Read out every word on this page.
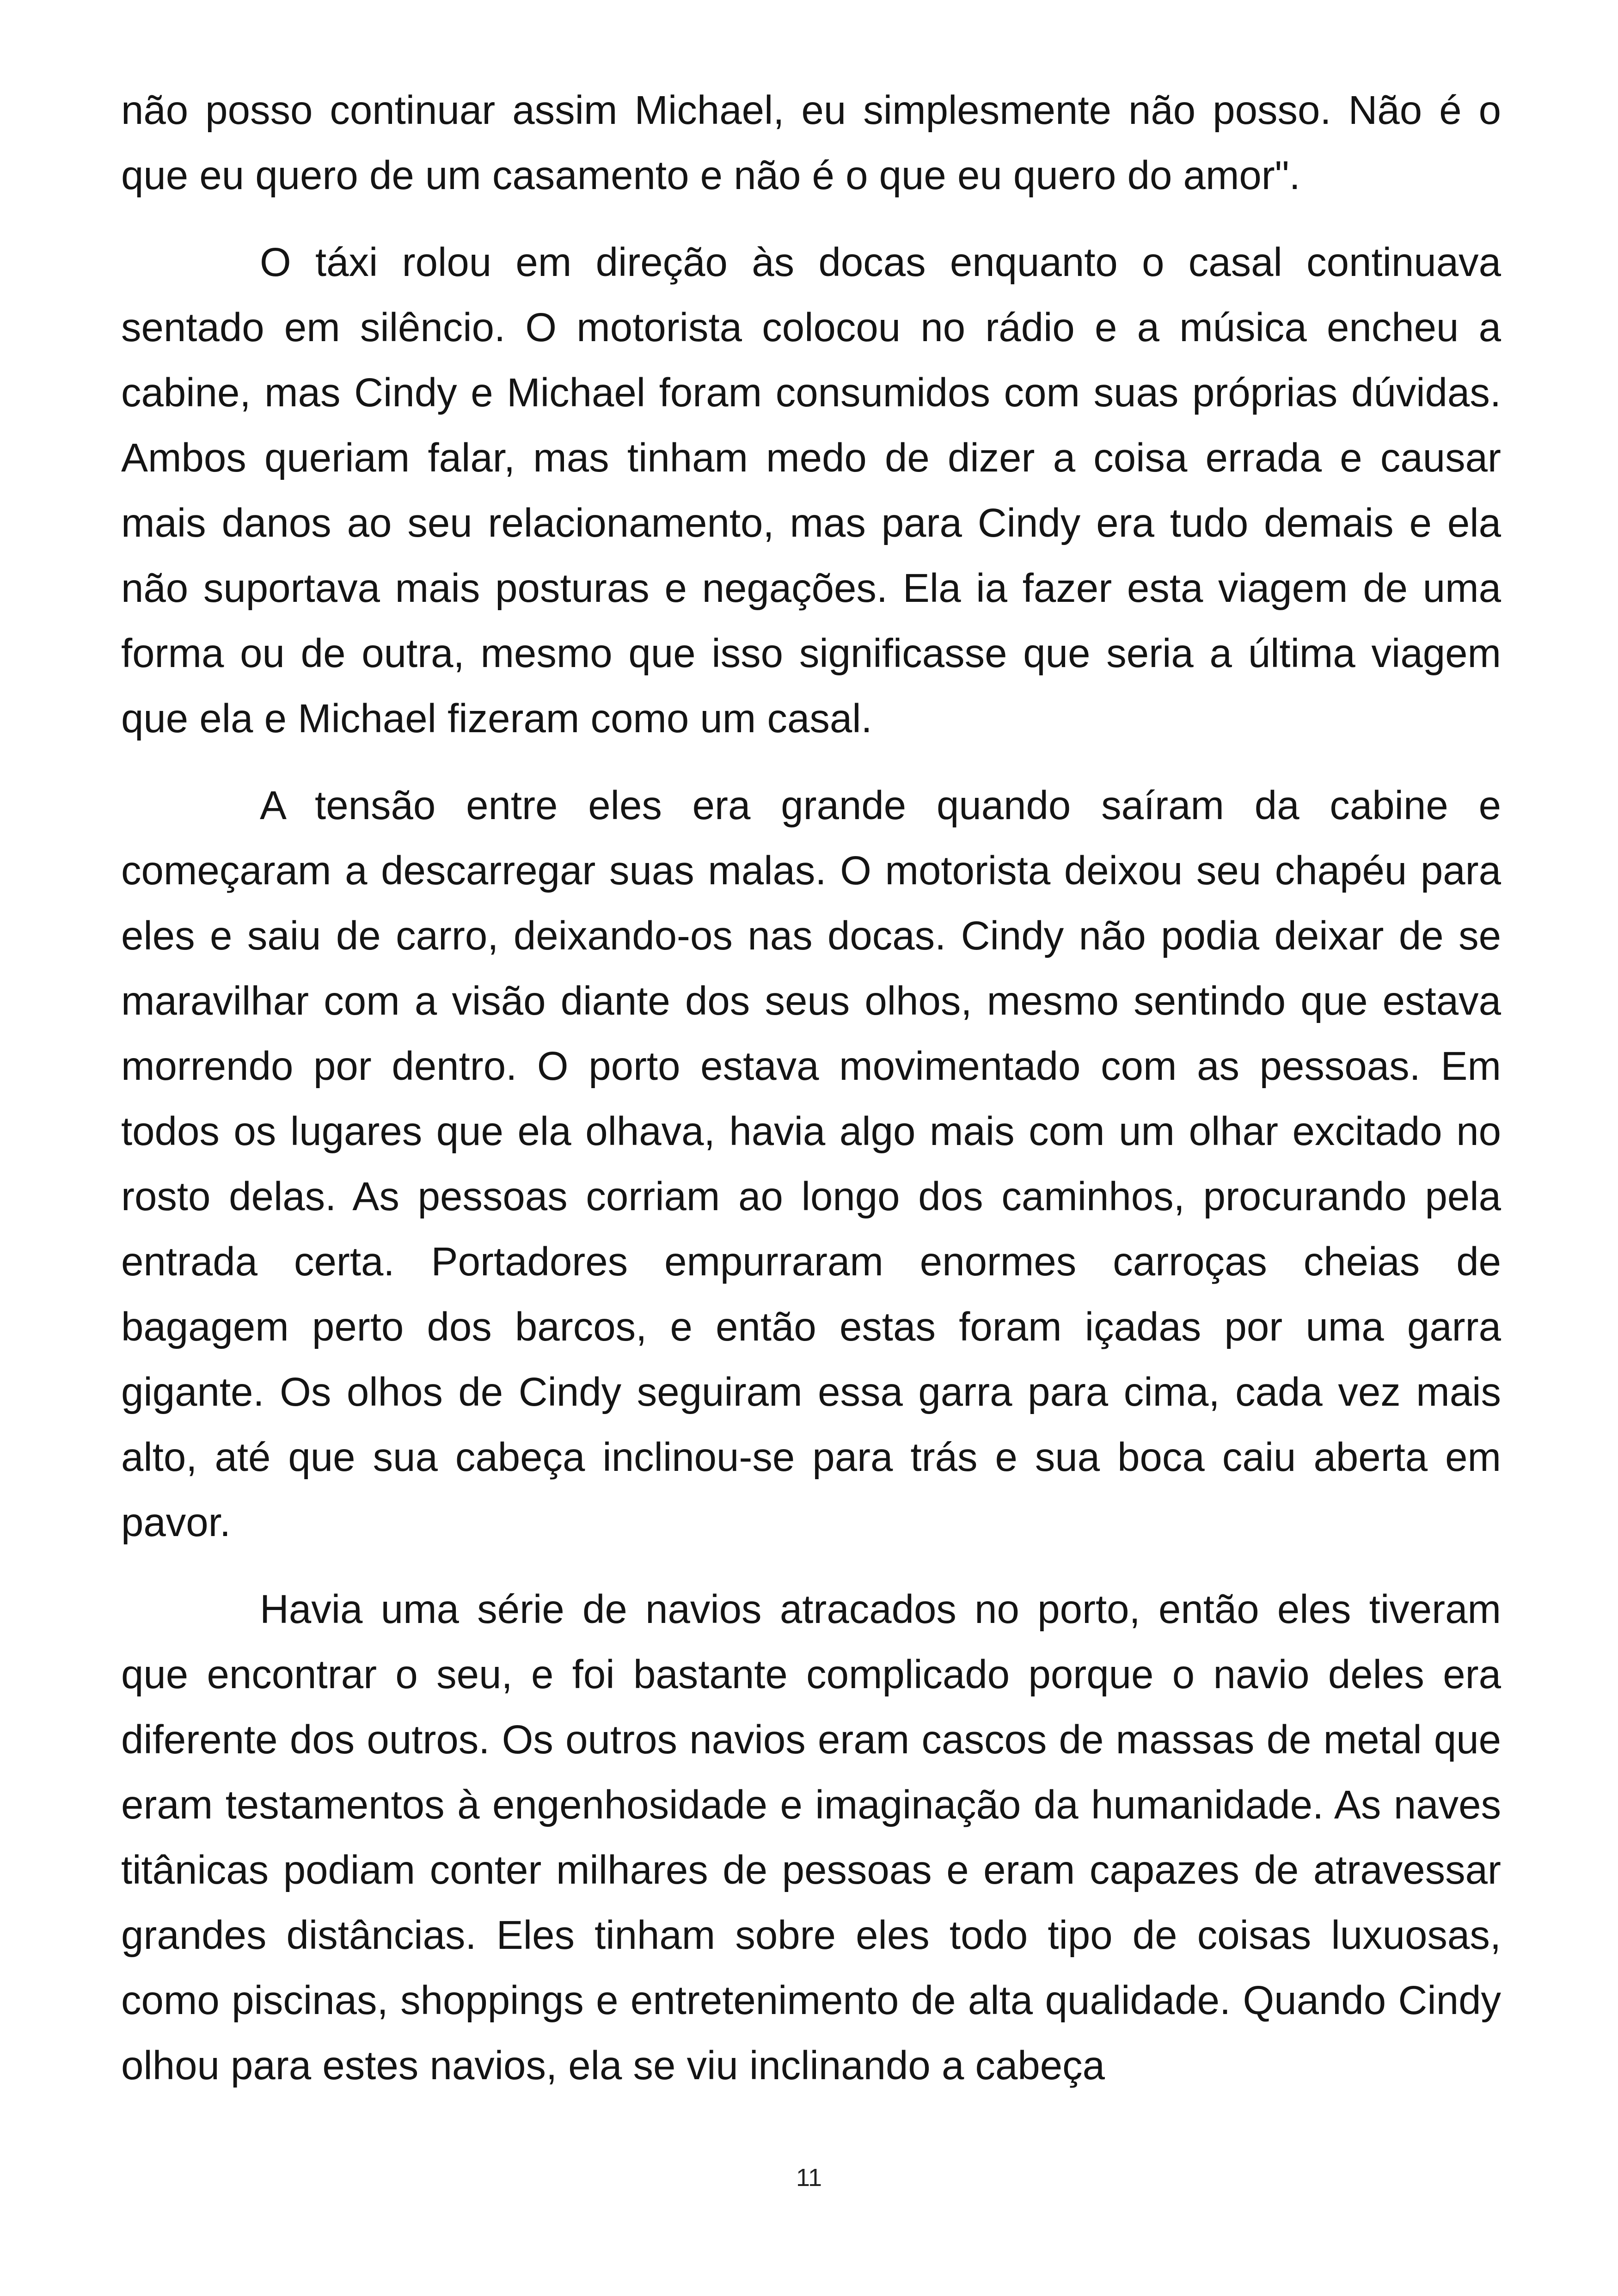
não posso continuar assim Michael, eu simplesmente não posso. Não é o que eu quero de um casamento e não é o que eu quero do amor".

O táxi rolou em direção às docas enquanto o casal continuava sentado em silêncio. O motorista colocou no rádio e a música encheu a cabine, mas Cindy e Michael foram consumidos com suas próprias dúvidas. Ambos queriam falar, mas tinham medo de dizer a coisa errada e causar mais danos ao seu relacionamento, mas para Cindy era tudo demais e ela não suportava mais posturas e negações. Ela ia fazer esta viagem de uma forma ou de outra, mesmo que isso significasse que seria a última viagem que ela e Michael fizeram como um casal.

A tensão entre eles era grande quando saíram da cabine e começaram a descarregar suas malas. O motorista deixou seu chapéu para eles e saiu de carro, deixando-os nas docas. Cindy não podia deixar de se maravilhar com a visão diante dos seus olhos, mesmo sentindo que estava morrendo por dentro. O porto estava movimentado com as pessoas. Em todos os lugares que ela olhava, havia algo mais com um olhar excitado no rosto delas. As pessoas corriam ao longo dos caminhos, procurando pela entrada certa. Portadores empurraram enormes carroças cheias de bagagem perto dos barcos, e então estas foram içadas por uma garra gigante. Os olhos de Cindy seguiram essa garra para cima, cada vez mais alto, até que sua cabeça inclinou-se para trás e sua boca caiu aberta em pavor.

Havia uma série de navios atracados no porto, então eles tiveram que encontrar o seu, e foi bastante complicado porque o navio deles era diferente dos outros. Os outros navios eram cascos de massas de metal que eram testamentos à engenhosidade e imaginação da humanidade. As naves titânicas podiam conter milhares de pessoas e eram capazes de atravessar grandes distâncias. Eles tinham sobre eles todo tipo de coisas luxuosas, como piscinas, shoppings e entretenimento de alta qualidade. Quando Cindy olhou para estes navios, ela se viu inclinando a cabeça

11
